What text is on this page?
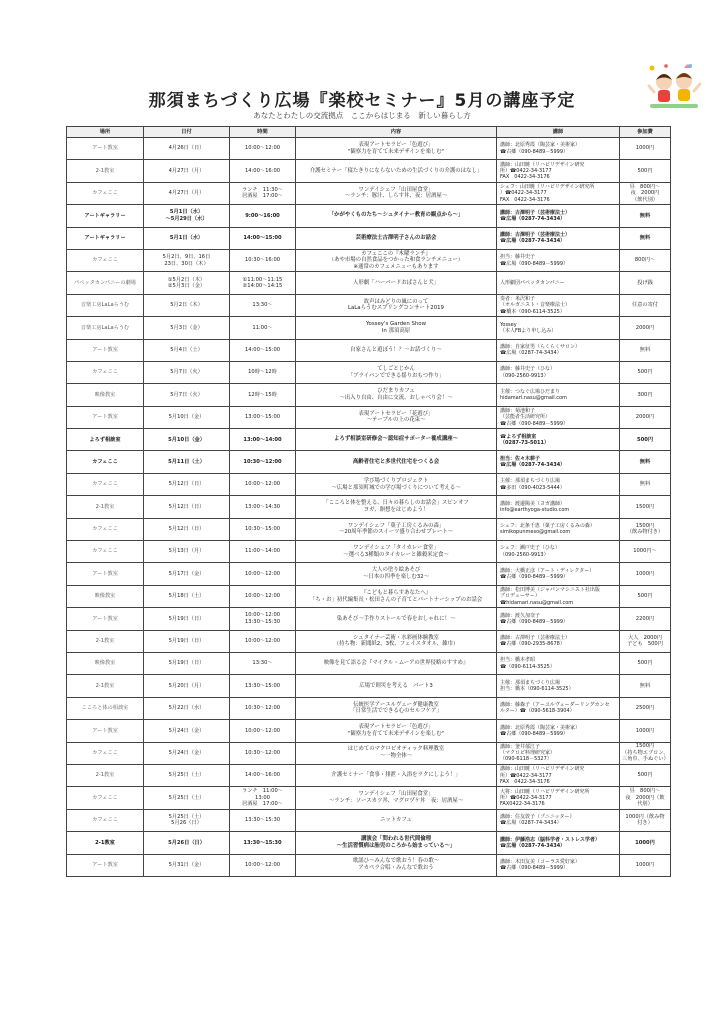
那須まちづくり広場『楽校セミナー』5月の講座予定
あなたとわたしの交流拠点　ここからはじまる　新しい暮らし方
場所	日付	時間	内容	講師	参加費
アート教室	4月26日（日）	10:00〜12:00	表現アートセラピー「色遊び」
"観察力を育てて未来デザインを楽しむ"	講師：北原秀霞（陶芸家・美術家）
☎古郷（090-8489－5999）	1000円

2-1教室	4月27日（月）	14:00〜16:00	介護セミナー「寝たきりにならないための生活づくりの介護のはなし」	講師：山田暁（リハビリデザイン研究
所）☎0422-34-3177
FAX　0422-34-3176	500円

カフェここ	4月27日（月）	ランチ　11:30〜
居酒屋　17:00〜	ワンデイシェフ「山田屋食堂」
〜ランチ：豚汁、しらす丼、夜：居酒屋〜	シェフ：山田暁（リハビリデザイン研究所
）☎0422-34-3177
FAX　0422-34-3176	昼　800円〜
夜　2000円
（飲代別）

アートギャラリー	5月1日（水）
〜5月29日（水）	9:00〜16:00	「かがやくものたち〜シュタイナー教育の観点から〜」	講師：古澤明子（芸術療法士）
☎広場（0287-74-3434）	無料

アートギャラリー	5月1日（水）	14:00〜15:00	芸術療法士古澤明子さんのお話会	講師：古澤明子（芸術療法士）
☎広場（0287-74-3434）	無料

カフェここ	5月2日、9日、16日
23日、30日（木）	10:30〜16:00	カフェここの『木曜ランチ』
（あや市場の自然食品をつかった和食ランチメニュー）
※通常のカフェメニューもあります	担当：藤井史子
☎広場（090-8489－5999）	800円〜

パペッタカンパニーの劇場	①5月2日（木）
②5月3日（金）	①11:00〜11:15
②14:00〜14:15	人形劇「ハーバードおばさんと犬」	人形劇団パペッタカンパニー	投げ銭

音楽工房LaLaらうむ	5月2日（木）	13:30〜	故声はみどりの風にのって
LaLaらうむスプリングコンサート2019	奏者：米沢和子
（オルガニスト・音楽療法士）
☎橋本（090-6114-3525）	任意の寄付

音楽工房LaLaらうむ	5月3日（金）	11:00〜	Yossey's Garden Show
In 那須高原	Yossey
（本人FBより申し込み）	2000円

アート教室	5月4日（土）	14:00〜15:00	自家さんと遊ぼう！？〜お話づくり〜	講師：自家征男（らくらくサロン）
☎広場（0287-74-3434）	無料

カフェここ	5月7日（火）	10時〜12時	てしごとじかん
「ブライバンでできる揺りおもつ作り」	講師：藤井史子（ひな）
（090-2560-9913）	500円

映像教室	5月7日（火）	12時〜15時	ひだまりカフェ
〜出入り自由、自由に交流、おしゃべり会！〜	主催：つなぐ広場ひだまり
hidamari.nasu@gmail.com	300円

アート教室	5月10日（金）	13:00〜15:00	表現アートセラピー「花遊び」
〜テーブルの上の花束〜	講師：菊池和子
（芸能者生活研究所）
☎古郷（090-8489－5999）	2000円

よろず相談室	5月10日（金）	13:00〜14:00	よろず相談室研修会〜認知症サポーター養成講座〜	☎よろず相談室
（0287-73-5011）	500円

カフェここ	5月11日（土）	10:30〜12:00	高齢者住宅と多世代住宅をつくる会	担当：佐々木耕子
☎広場（0287-74-3434）	無料

カフェここ	5月12日（日）	10:00〜12:00	学び場づくりプロジェクト
〜広場と那須町城での学び場づくりについて考える〜	主催：那須まちづくり広場
☎多田（090-4023-5444）	無料

2-1教室	5月12日（日）	13:00〜14:30	「こころと体を整える、日々の暮らしのお話会」スピンオフ
ヨガ、瞑想をはじめよう！	講師：渡邊陽美（ヨガ講師）
info@earthyoga-studio.com	1500円

カフェここ	5月12日（日）	10:30〜15:00	ワンデイシェフ「菓子工房くるみの森」
〜20周年季節のスイーツ盛り合わせプレート〜	シェフ：北条千恵（菓子工房くるみの森）
simikopunmeso@gmail.com	1500円
（飲み物付き）

カフェここ	5月13日（月）	11:00〜14:00	ワンデイシェフ「タイカレー食堂」
〜選べる3種類のタイカレーと雑穀米定食〜	シェフ：瀬戸史子（ひな）
（090-2560-9913）	1000円〜

アート教室	5月17日（金）	10:00〜12:00	大人の塗り絵あそび
〜日本の四季を楽しむ32〜	講師：大橋正彦（アート・ディレクター）
☎古郷（090-8489－5999）	1000円

映像教室	5月18日（土）	10:00〜12:00	『こどもと暮らすあなたへ』
「ち・お」初代編集長・松田さんの子育てとパートナーシップのお話会	講師：松田博美（ジャパンマシニスト社出版
プロデューサー）
☎hidamari.nasu@gmail.com	500円

アート教室	5月19日（日）	10:00〜12:00
13:30〜15:30	染あそび〜手作りストールで春をおしゃれに！〜	講師：渡久加奈子
☎古郷（090-8489－5999）	2200円

2-1教室	5月19日（日）	10:00〜12:00	シュタイナー芸術・水彩画体験教室
（持ち物：新聞紙2、3枚、フェイスタオル、雑巾）	講師：古澤明子（芸術療法士）
☎古郷（090-2935-8678）	大人　2000円
子ども　500円

映像教室	5月19日（日）	13:30〜	映像を見て語る会『マイクル・ムーアの世界侵略のすすめ』	担当：橋本孝昭
☎（090-6114-3525）	500円

2-1教室	5月20日（月）	13:30〜15:00	広場で則災を考える　パート3	主催：那須まちづくり広場
担当：橋本（090-6114-3525）	無料

こころと体の相談室	5月22日（水）	10:30〜12:00	伝統医学アーユルヴェーダ健康教室
「日常生活でできる心のセルフケア」	講師：藤森子（アーユルヴェーダーリングカンセ
ルター）☎（090-5618-3904）	2500円

アート教室	5月24日（金）	10:00〜12:00	表現アートセラピー「色遊び」
"観察力を育てて未来デザインを楽しむ"	講師：北原秀霞（陶芸家・美術家）
☎古郷（090-8489－5999）	1000円

カフェここ	5月24日（金）	10:30〜12:00	はじめてのマクロビオティック料理教室
〜一物全体〜	講師：釜井郁江子
（マクロビ料理研究家）
（090-6118－5327）	1500円
（持ち物エプロン、
三角巾、手ぬぐい）

2-1教室	5月25日（土）	14:00〜16:00	介護セミナー「食事・排泄・入浴をラクにしよう！」	講師：山田暁（リハビリデザイン研究
所）☎0422-34-3177
FAX　0422-34-3176	500円

カフェここ	5月25日（土）	ランチ　11:00〜
13:00
居酒屋　17:00〜	ワンデイシェフ「山田屋食堂」
〜ランチ：ソースカツ丼、マグロヅケ丼　夜：居酒屋〜	大将：山田暁（リハビリデザイン研究所
所）☎0422-34-3177
FAX0422-34-3176	昼　800円〜
夜　2000円（飲
代別）

カフェここ	5月25日（土）
5月26（日）	13:30〜15:30	ニットカフェ	講師：住友敦子（ブニニッター）
☎広場（0287-74-3434）	1000円（飲み物
付き）

2-1教室	5月26日（日）	13:30〜15:30	講演会「問われる世代間倫理
〜生活習慣病は胎児のころから始まっている〜」	講師：伊藤浩志（脳科学者・ストレス学者）
☎広場（0287-74-3434）	1000円

アート教室	5月31日（金）	10:00〜12:00	歌謡ひ〜みんなで歌おう！春の歌〜
アカペラ合唱・みんなで歌おう	講師：木田友美（コーラス愛好家）
☎古郷（090-8489－5999）	1000円
